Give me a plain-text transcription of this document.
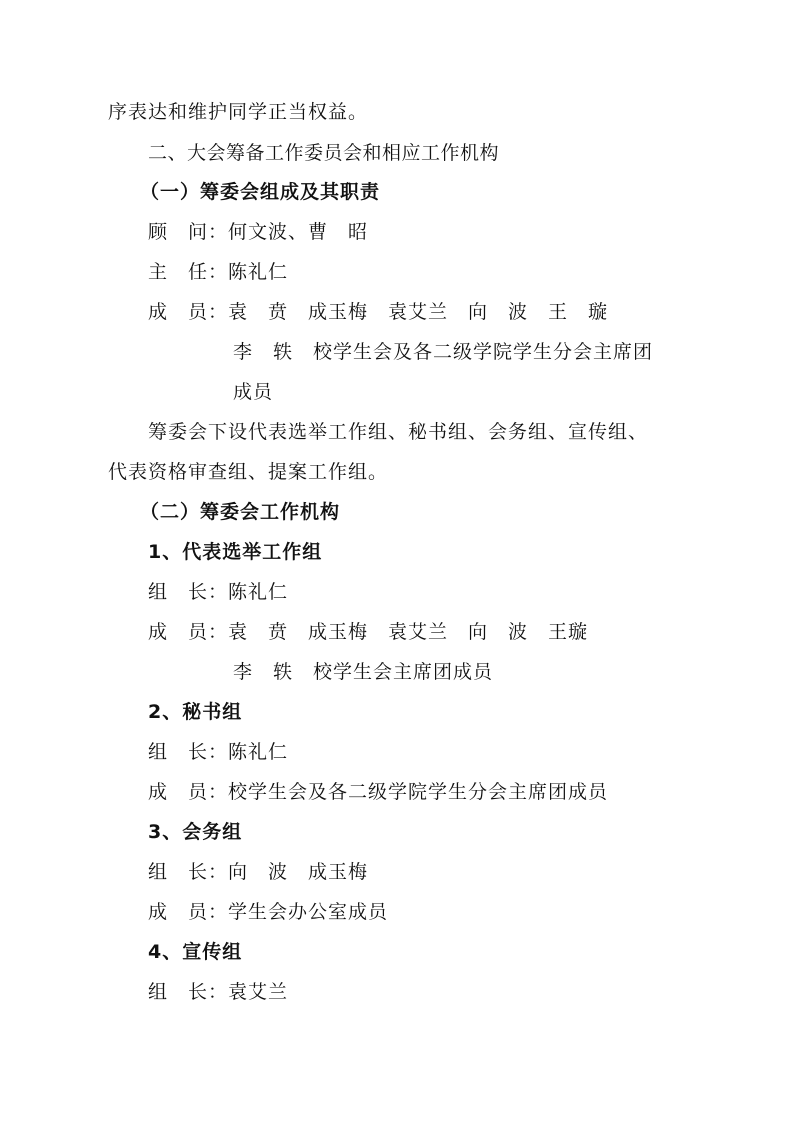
序表达和维护同学正当权益。
二、大会筹备工作委员会和相应工作机构
（一）筹委会组成及其职责
顾　问：何文波、曹　昭
主　任：陈礼仁
成　员：袁　贲　成玉梅　袁艾兰　向　波　王　璇
李　轶　校学生会及各二级学院学生分会主席团
成员
筹委会下设代表选举工作组、秘书组、会务组、宣传组、
代表资格审查组、提案工作组。
（二）筹委会工作机构
1、代表选举工作组
组　长：陈礼仁
成　员：袁　贲　成玉梅　袁艾兰　向　波　王璇
李　轶　校学生会主席团成员
2、秘书组
组　长：陈礼仁
成　员：校学生会及各二级学院学生分会主席团成员
3、会务组
组　长：向　波　成玉梅
成　员：学生会办公室成员
4、宣传组
组　长：袁艾兰
